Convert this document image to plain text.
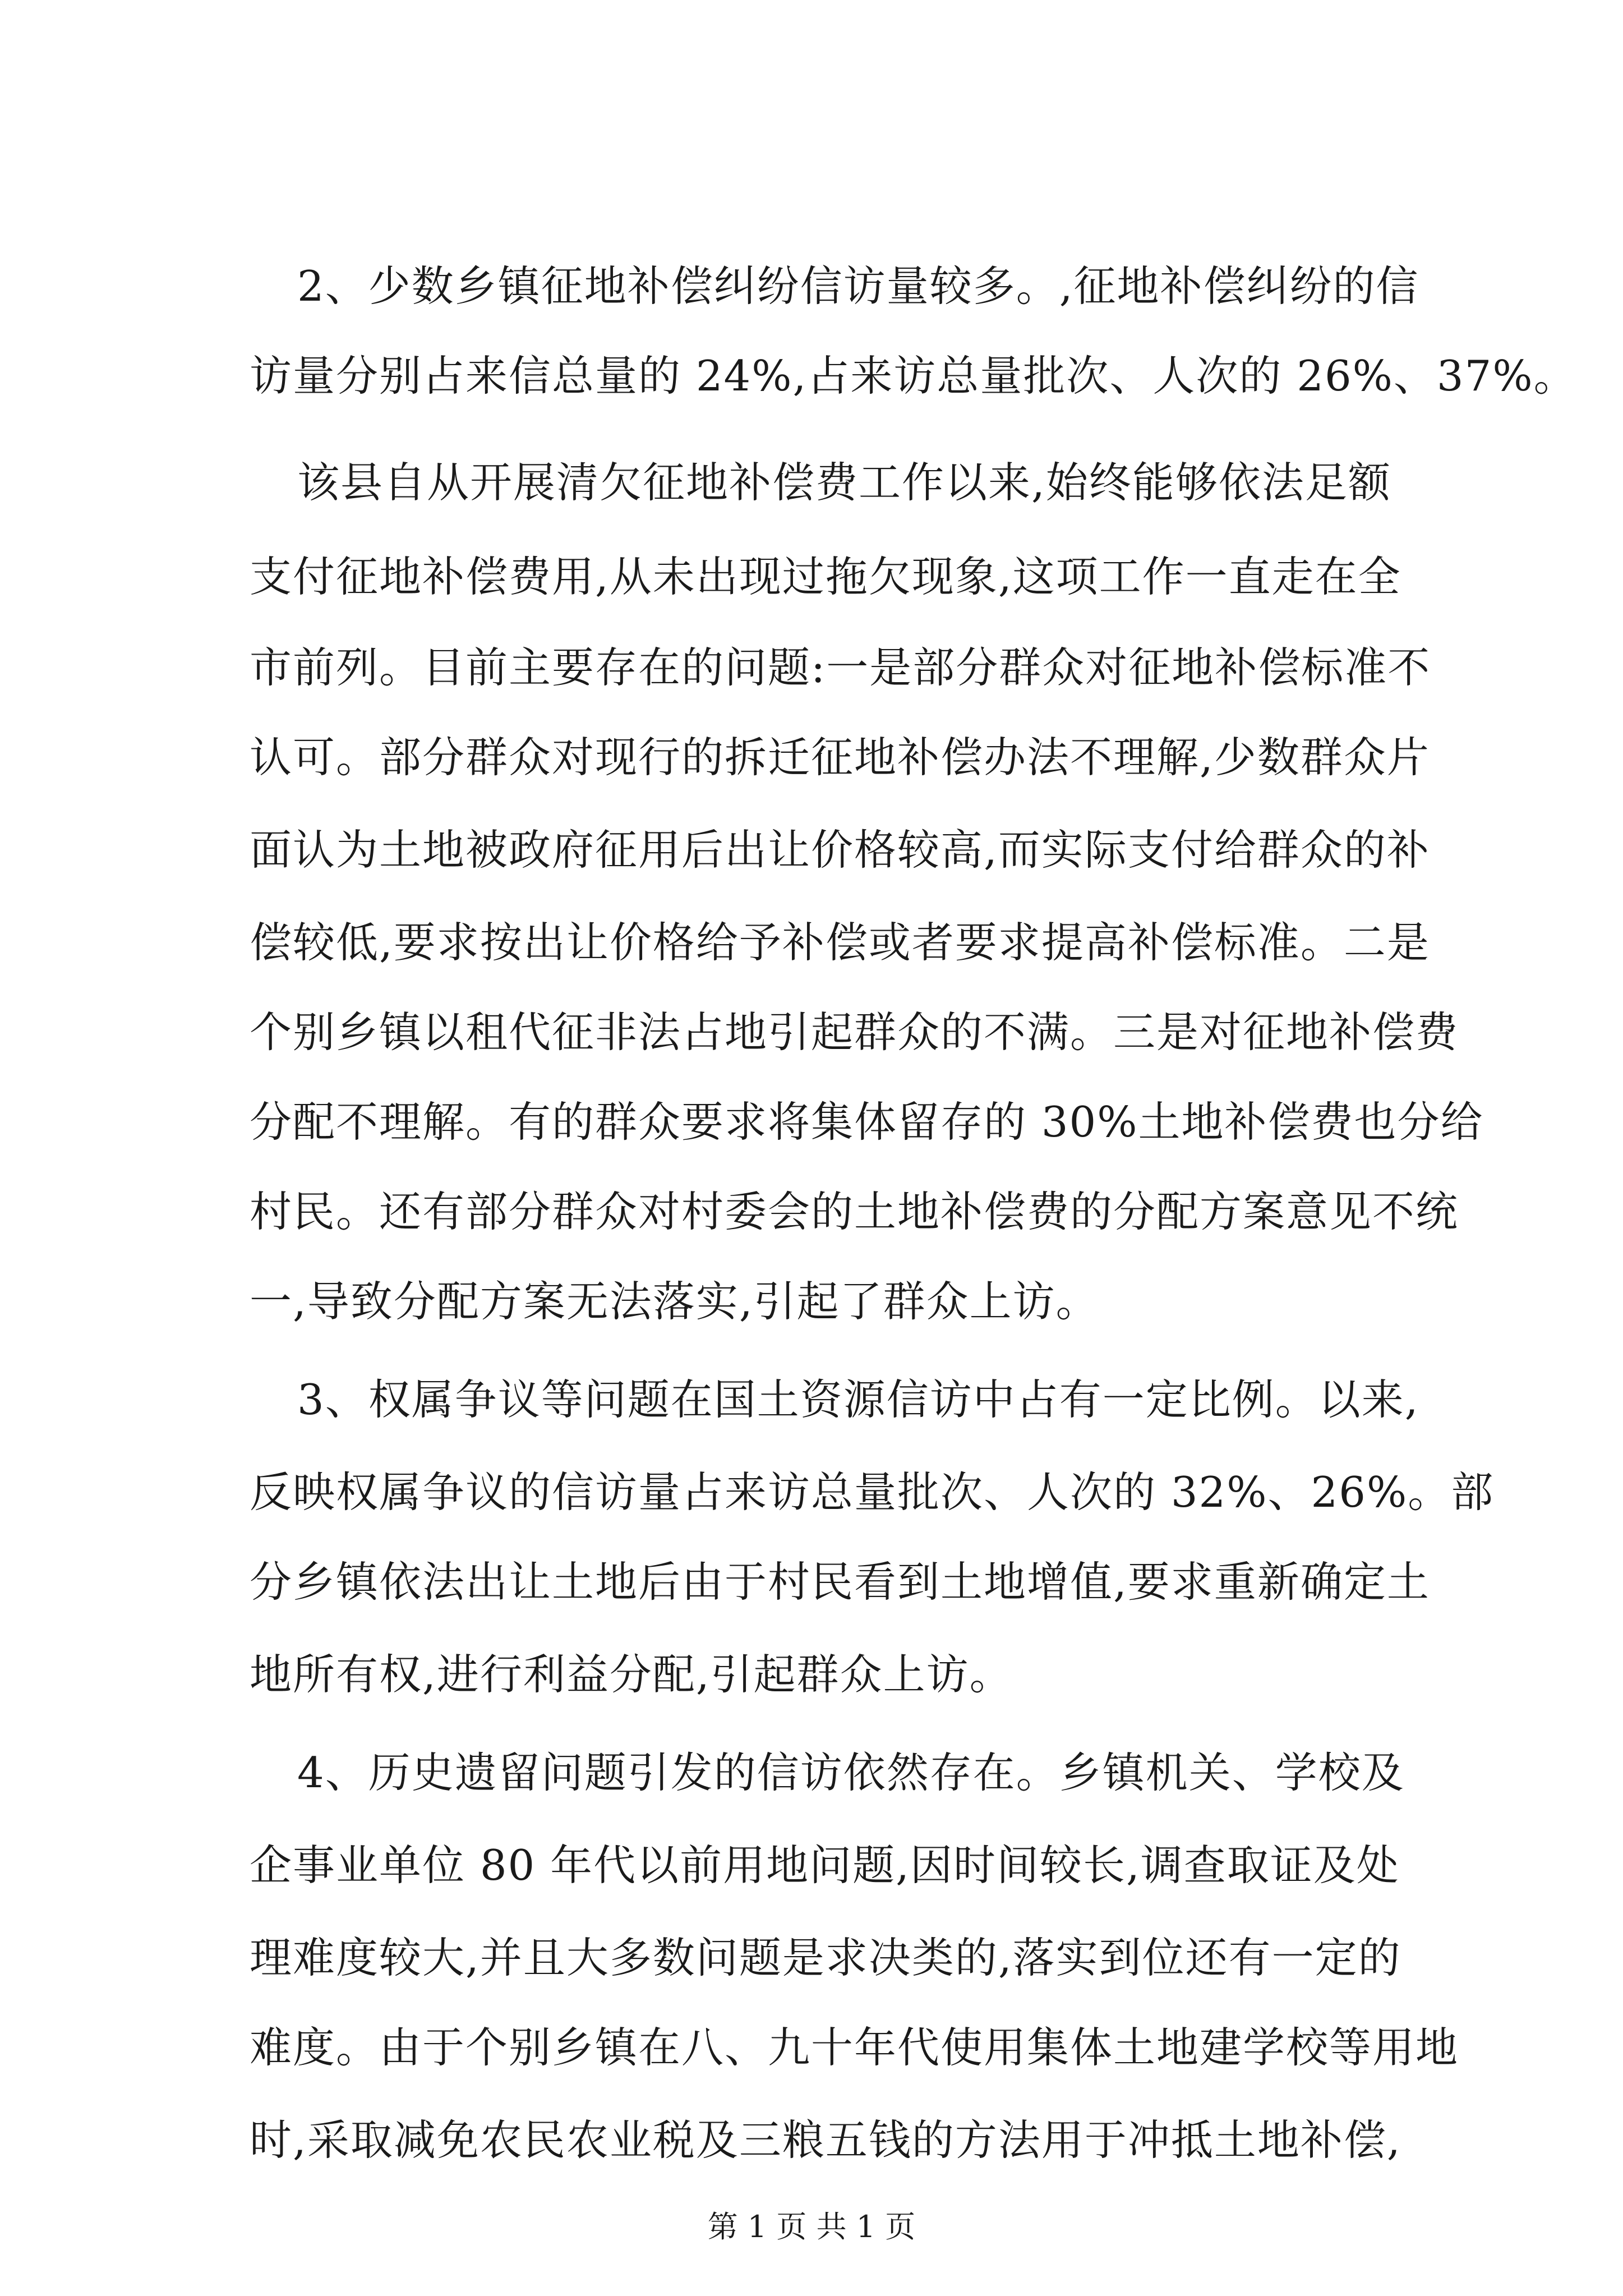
2、少数乡镇征地补偿纠纷信访量较多。,征地补偿纠纷的信
访量分别占来信总量的 24%,占来访总量批次、人次的 26%、37%。
该县自从开展清欠征地补偿费工作以来,始终能够依法足额
支付征地补偿费用,从未出现过拖欠现象,这项工作一直走在全
市前列。目前主要存在的问题:一是部分群众对征地补偿标准不
认可。部分群众对现行的拆迁征地补偿办法不理解,少数群众片
面认为土地被政府征用后出让价格较高,而实际支付给群众的补
偿较低,要求按出让价格给予补偿或者要求提高补偿标准。二是
个别乡镇以租代征非法占地引起群众的不满。三是对征地补偿费
分配不理解。有的群众要求将集体留存的 30%土地补偿费也分给
村民。还有部分群众对村委会的土地补偿费的分配方案意见不统
一,导致分配方案无法落实,引起了群众上访。
3、权属争议等问题在国土资源信访中占有一定比例。以来,
反映权属争议的信访量占来访总量批次、人次的 32%、26%。部
分乡镇依法出让土地后由于村民看到土地增值,要求重新确定土
地所有权,进行利益分配,引起群众上访。
4、历史遗留问题引发的信访依然存在。乡镇机关、学校及
企事业单位 80 年代以前用地问题,因时间较长,调查取证及处
理难度较大,并且大多数问题是求决类的,落实到位还有一定的
难度。由于个别乡镇在八、九十年代使用集体土地建学校等用地
时,采取减免农民农业税及三粮五钱的方法用于冲抵土地补偿,
第 1 页 共 1 页
